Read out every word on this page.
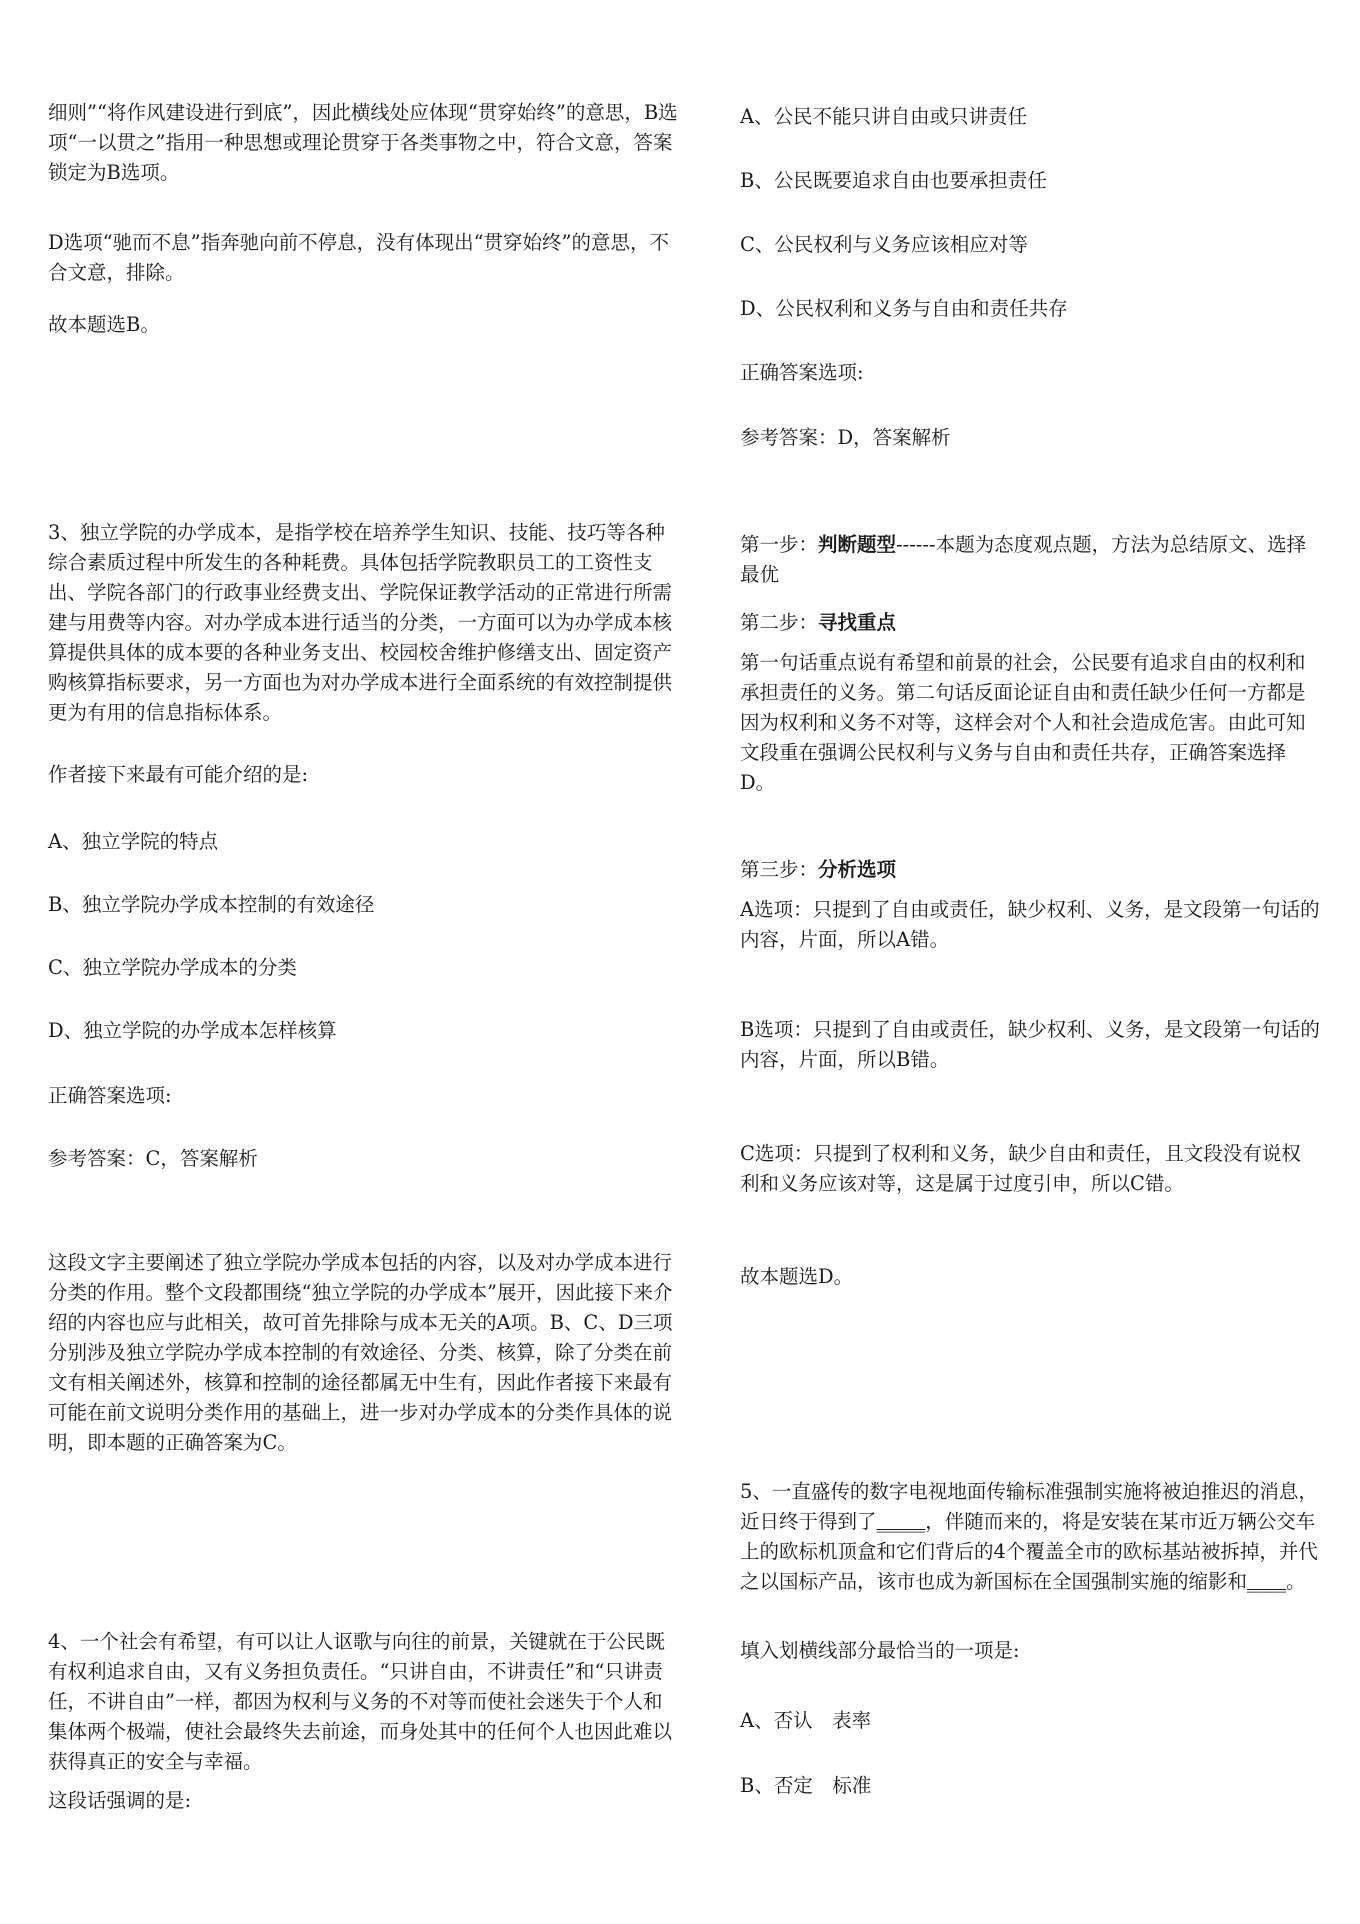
细则”“将作风建设进行到底”，因此横线处应体现“贯穿始终”的意思，B选项“一以贯之”指用一种思想或理论贯穿于各类事物之中，符合文意，答案锁定为B选项。

D选项“驰而不息”指奔驰向前不停息，没有体现出“贯穿始终”的意思，不合文意，排除。

故本题选B。

3、独立学院的办学成本，是指学校在培养学生知识、技能、技巧等各种综合素质过程中所发生的各种耗费。具体包括学院教职员工的工资性支出、学院各部门的行政事业经费支出、学院保证教学活动的正常进行所需建与用费等内容。对办学成本进行适当的分类，一方面可以为办学成本核算提供具体的成本要的各种业务支出、校园校舍维护修缮支出、固定资产购核算指标要求，另一方面也为对办学成本进行全面系统的有效控制提供更为有用的信息指标体系。

作者接下来最有可能介绍的是:

A、独立学院的特点

B、独立学院办学成本控制的有效途径

C、独立学院办学成本的分类

D、独立学院的办学成本怎样核算

正确答案选项:

参考答案：C，答案解析

这段文字主要阐述了独立学院办学成本包括的内容，以及对办学成本进行分类的作用。整个文段都围绕“独立学院的办学成本”展开，因此接下来介绍的内容也应与此相关，故可首先排除与成本无关的A项。B、C、D三项分别涉及独立学院办学成本控制的有效途径、分类、核算，除了分类在前文有相关阐述外，核算和控制的途径都属无中生有，因此作者接下来最有可能在前文说明分类作用的基础上，进一步对办学成本的分类作具体的说明，即本题的正确答案为C。

4、一个社会有希望，有可以让人讴歌与向往的前景，关键就在于公民既有权利追求自由，又有义务担负责任。“只讲自由，不讲责任”和“只讲责任，不讲自由”一样，都因为权利与义务的不对等而使社会迷失于个人和集体两个极端，使社会最终失去前途，而身处其中的任何个人也因此难以获得真正的安全与幸福。

这段话强调的是:

A、公民不能只讲自由或只讲责任

B、公民既要追求自由也要承担责任

C、公民权利与义务应该相应对等

D、公民权利和义务与自由和责任共存

正确答案选项:

参考答案：D，答案解析

第一步：判断题型------本题为态度观点题，方法为总结原文、选择最优

第二步：寻找重点

第一句话重点说有希望和前景的社会，公民要有追求自由的权利和承担责任的义务。第二句话反面论证自由和责任缺少任何一方都是因为权利和义务不对等，这样会对个人和社会造成危害。由此可知文段重在强调公民权利与义务与自由和责任共存，正确答案选择D。

第三步：分析选项

A选项：只提到了自由或责任，缺少权利、义务，是文段第一句话的内容，片面，所以A错。

B选项：只提到了自由或责任，缺少权利、义务，是文段第一句话的内容，片面，所以B错。

C选项：只提到了权利和义务，缺少自由和责任，且文段没有说权利和义务应该对等，这是属于过度引申，所以C错。

故本题选D。

5、一直盛传的数字电视地面传输标准强制实施将被迫推迟的消息，近日终于得到了_____，伴随而来的，将是安装在某市近万辆公交车上的欧标机顶盒和它们背后的4个覆盖全市的欧标基站被拆掉，并代之以国标产品，该市也成为新国标在全国强制实施的缩影和____。

填入划横线部分最恰当的一项是:

A、否认　表率

B、否定　标准
